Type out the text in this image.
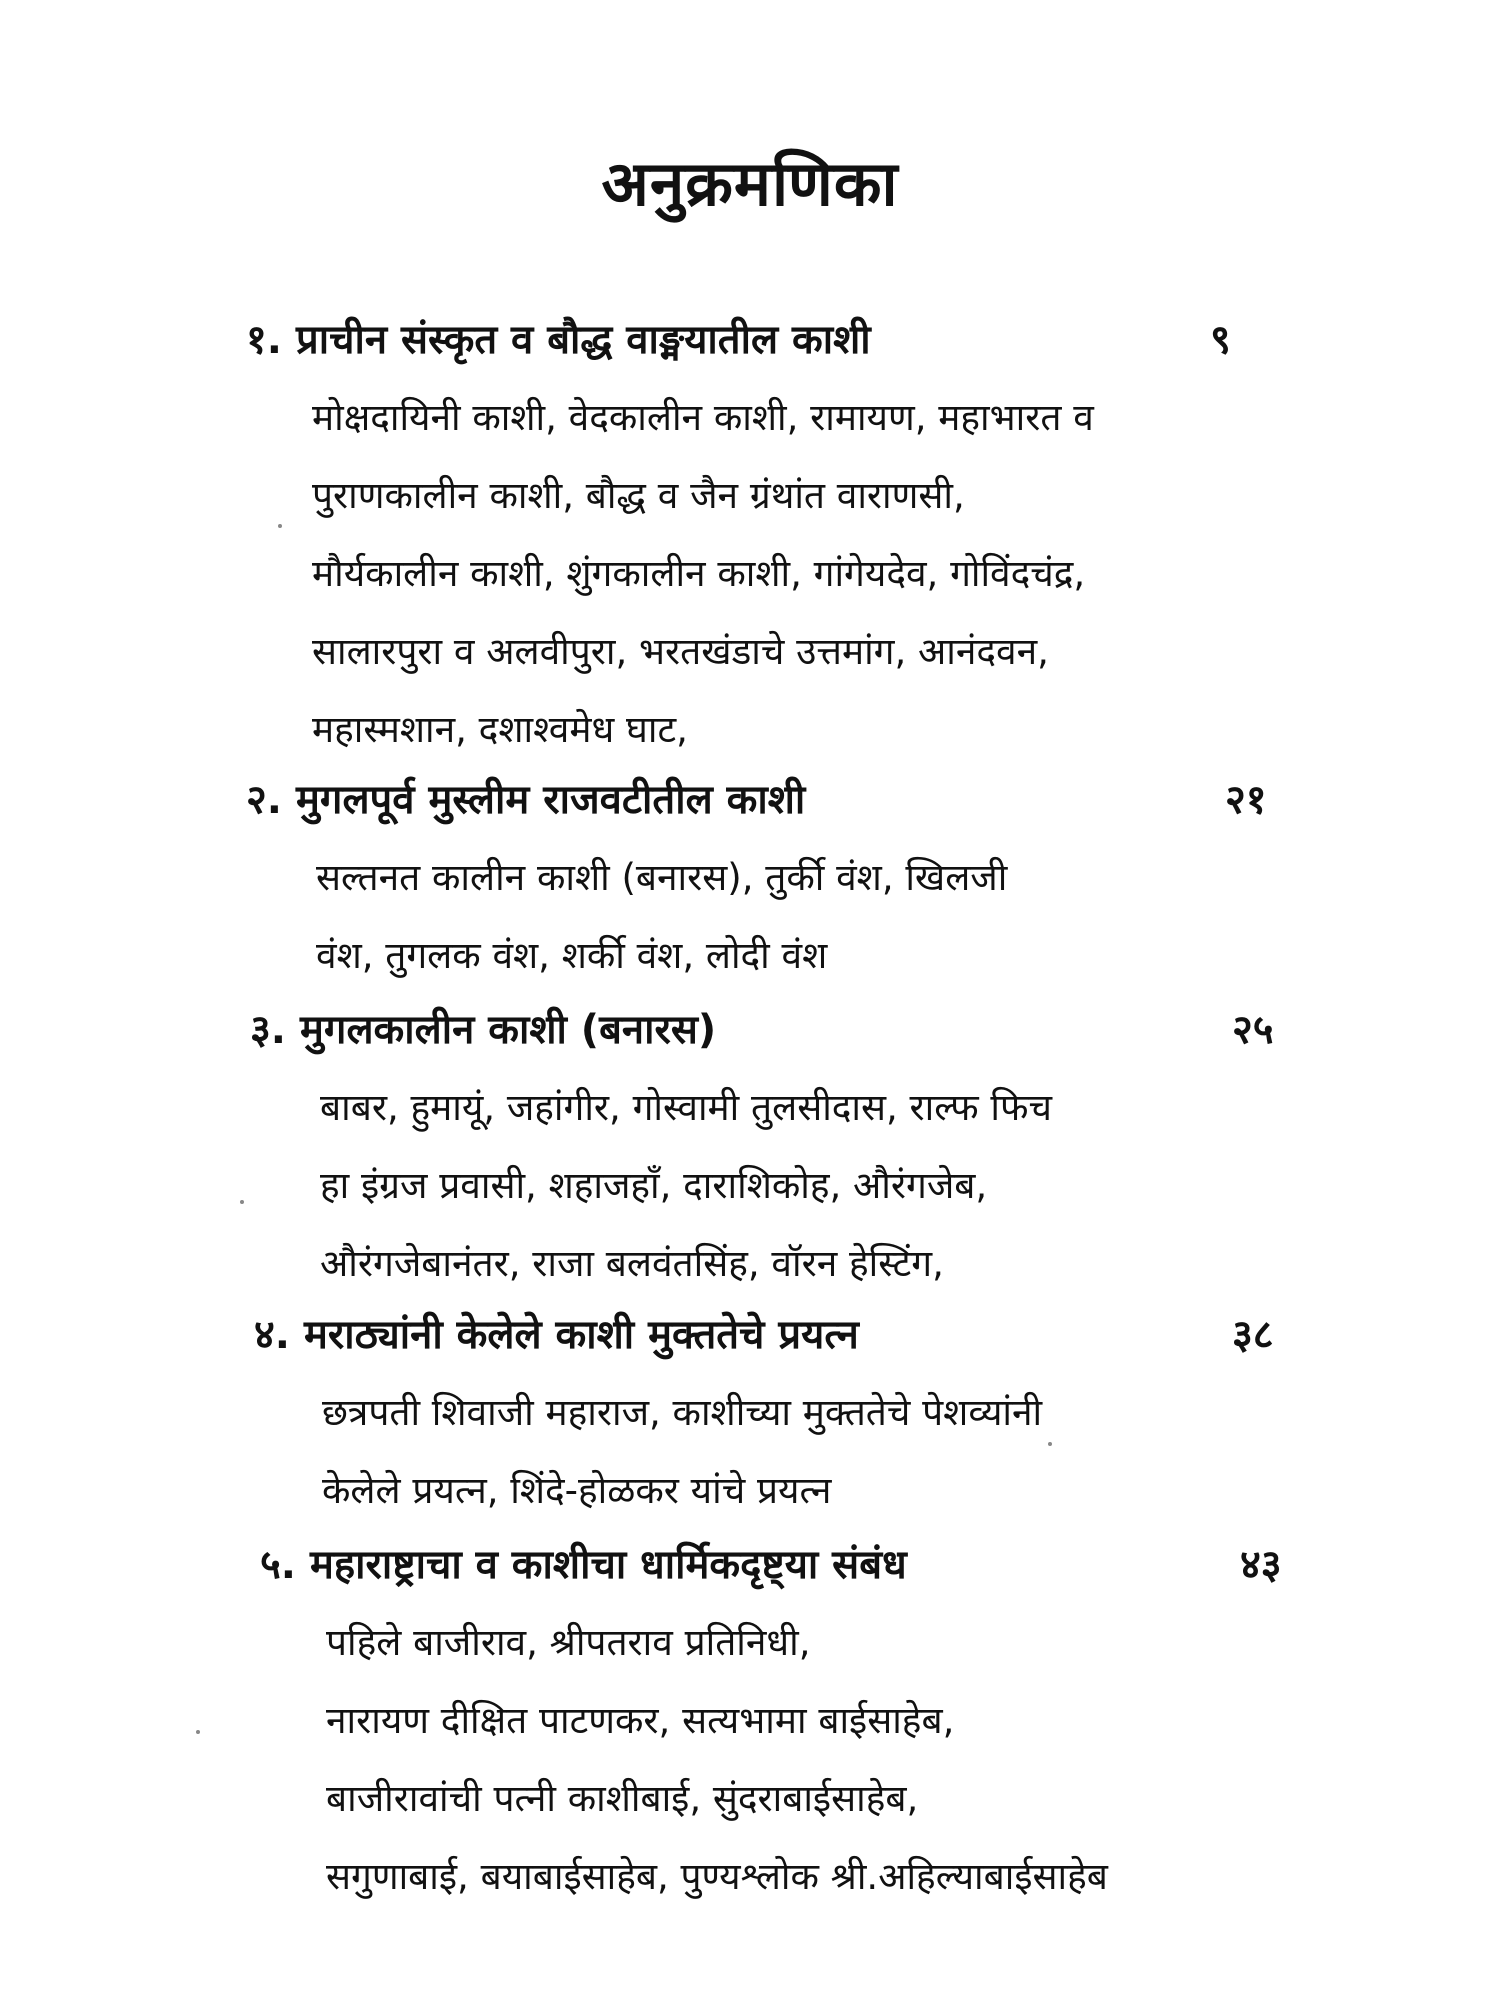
अनुक्रमणिका
१. प्राचीन संस्कृत व बौद्ध वाङ्मयातील काशी	९
मोक्षदायिनी काशी, वेदकालीन काशी, रामायण, महाभारत व
पुराणकालीन काशी, बौद्ध व जैन ग्रंथांत वाराणसी,
मौर्यकालीन काशी, शुंगकालीन काशी, गांगेयदेव, गोविंदचंद्र,
सालारपुरा व अलवीपुरा, भरतखंडाचे उत्तमांग, आनंदवन,
महास्मशान, दशाश्वमेध घाट,
२. मुगलपूर्व मुस्लीम राजवटीतील काशी	२१
सल्तनत कालीन काशी (बनारस), तुर्की वंश, खिलजी
वंश, तुगलक वंश, शर्की वंश, लोदी वंश
३. मुगलकालीन काशी (बनारस)	२५
बाबर, हुमायूं, जहांगीर, गोस्वामी तुलसीदास, राल्फ फिच
हा इंग्रज प्रवासी, शहाजहाँ, दाराशिकोह, औरंगजेब,
औरंगजेबानंतर, राजा बलवंतसिंह, वॉरन हेस्टिंग,
४. मराठ्यांनी केलेले काशी मुक्ततेचे प्रयत्न	३८
छत्रपती शिवाजी महाराज, काशीच्या मुक्ततेचे पेशव्यांनी
केलेले प्रयत्न, शिंदे-होळकर यांचे प्रयत्न
५. महाराष्ट्राचा व काशीचा धार्मिकदृष्ट्या संबंध	४३
पहिले बाजीराव, श्रीपतराव प्रतिनिधी,
नारायण दीक्षित पाटणकर, सत्यभामा बाईसाहेब,
बाजीरावांची पत्नी काशीबाई, सुंदराबाईसाहेब,
सगुणाबाई, बयाबाईसाहेब, पुण्यश्लोक श्री.अहिल्याबाईसाहेब
